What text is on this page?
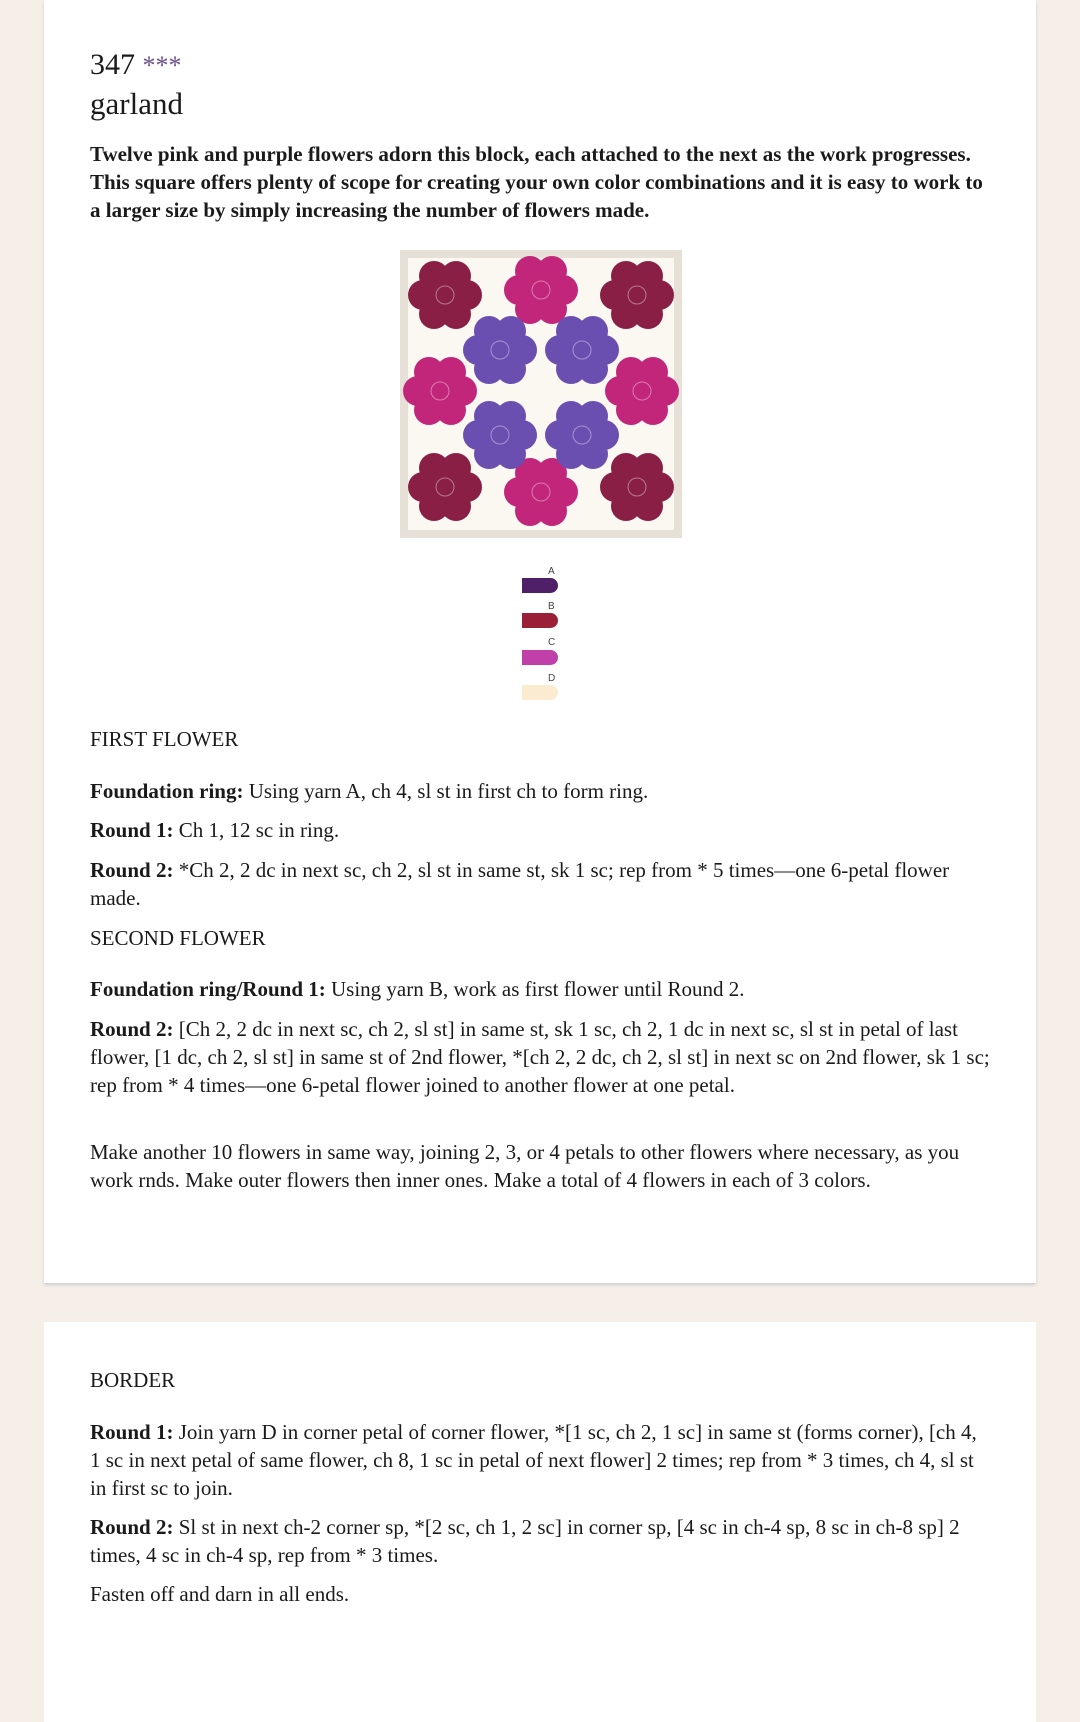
347 ***
garland
Twelve pink and purple flowers adorn this block, each attached to the next as the work progresses. This square offers plenty of scope for creating your own color combinations and it is easy to work to a larger size by simply increasing the number of flowers made.
A
B
C
D
FIRST FLOWER
Foundation ring: Using yarn A, ch 4, sl st in first ch to form ring.
Round 1: Ch 1, 12 sc in ring.
Round 2: *Ch 2, 2 dc in next sc, ch 2, sl st in same st, sk 1 sc; rep from * 5 times—one 6-petal flower made.
SECOND FLOWER
Foundation ring/Round 1: Using yarn B, work as first flower until Round 2.
Round 2: [Ch 2, 2 dc in next sc, ch 2, sl st] in same st, sk 1 sc, ch 2, 1 dc in next sc, sl st in petal of last flower, [1 dc, ch 2, sl st] in same st of 2nd flower, *[ch 2, 2 dc, ch 2, sl st] in next sc on 2nd flower, sk 1 sc; rep from * 4 times—one 6-petal flower joined to another flower at one petal.
Make another 10 flowers in same way, joining 2, 3, or 4 petals to other flowers where necessary, as you work rnds. Make outer flowers then inner ones. Make a total of 4 flowers in each of 3 colors.
BORDER
Round 1: Join yarn D in corner petal of corner flower, *[1 sc, ch 2, 1 sc] in same st (forms corner), [ch 4, 1 sc in next petal of same flower, ch 8, 1 sc in petal of next flower] 2 times; rep from * 3 times, ch 4, sl st in first sc to join.
Round 2: Sl st in next ch-2 corner sp, *[2 sc, ch 1, 2 sc] in corner sp, [4 sc in ch-4 sp, 8 sc in ch-8 sp] 2 times, 4 sc in ch-4 sp, rep from * 3 times.
Fasten off and darn in all ends.
